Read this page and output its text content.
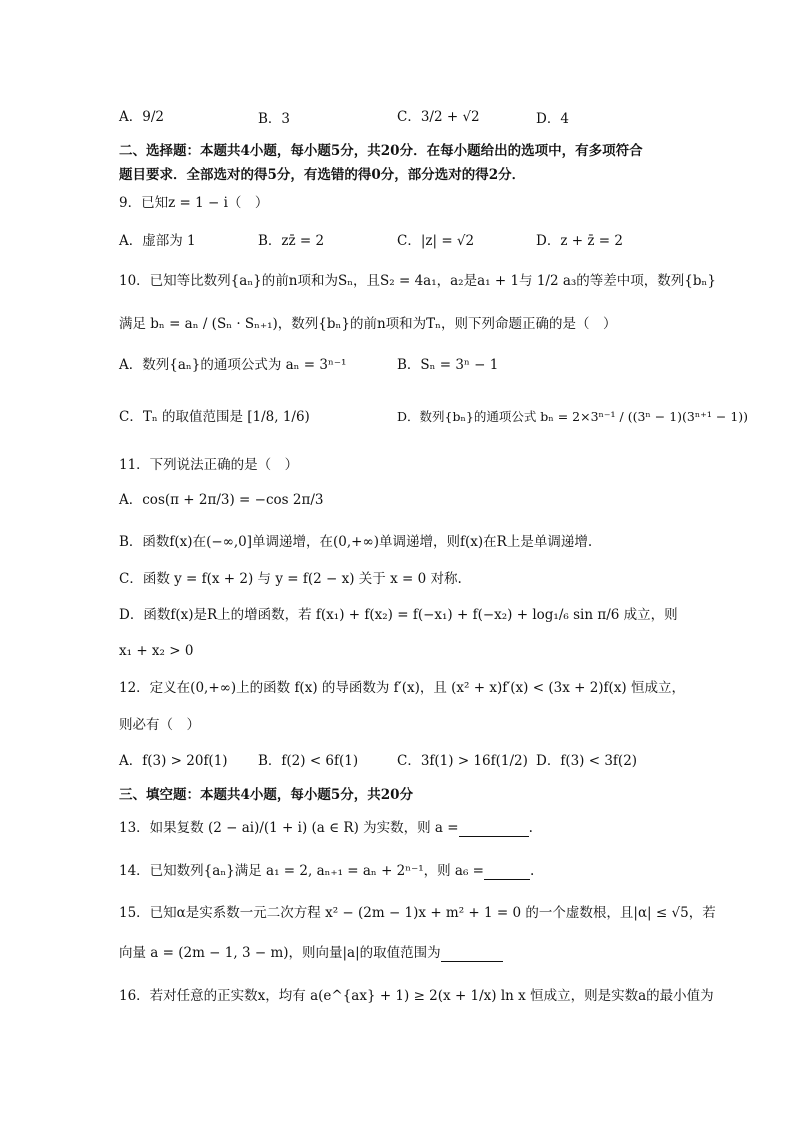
A．9/2	B．3	C．3/2 + √2	D．4
二、选择题：本题共4小题，每小题5分，共20分．在每小题给出的选项中，有多项符合
题目要求．全部选对的得5分，有选错的得0分，部分选对的得2分．
9．已知z = 1 − i（　）
A．虚部为 1	B．zz̄ = 2	C．|z| = √2	D．z + z̄ = 2
10．已知等比数列{aₙ}的前n项和为Sₙ，且S₂ = 4a₁，a₂是a₁ + 1与 1/2 a₃的等差中项，数列{bₙ}
满足 bₙ = aₙ / (Sₙ · Sₙ₊₁)，数列{bₙ}的前n项和为Tₙ，则下列命题正确的是（　）
A．数列{aₙ}的通项公式为 aₙ = 3ⁿ⁻¹	B．Sₙ = 3ⁿ − 1
C．Tₙ 的取值范围是 [1/8, 1/6)	D．数列{bₙ}的通项公式 bₙ = 2×3ⁿ⁻¹ / ((3ⁿ − 1)(3ⁿ⁺¹ − 1))
11．下列说法正确的是（　）
A．cos(π + 2π/3) = −cos 2π/3
B．函数f(x)在(−∞,0]单调递增，在(0,+∞)单调递增，则f(x)在R上是单调递增.
C．函数 y = f(x + 2) 与 y = f(2 − x) 关于 x = 0 对称.
D．函数f(x)是R上的增函数，若 f(x₁) + f(x₂) = f(−x₁) + f(−x₂) + log₁/₆ sin π/6 成立，则
x₁ + x₂ > 0
12．定义在(0,+∞)上的函数 f(x) 的导函数为 f′(x)，且 (x² + x)f′(x) < (3x + 2)f(x) 恒成立，
则必有（　）
A．f(3) > 20f(1) B．f(2) < 6f(1)	C．3f(1) > 16f(1/2) D．f(3) < 3f(2)
三、填空题：本题共4小题，每小题5分，共20分
13．如果复数 (2 − ai)/(1 + i) (a ∈ R) 为实数，则 a =	.
14．已知数列{aₙ}满足 a₁ = 2, aₙ₊₁ = aₙ + 2ⁿ⁻¹，则 a₆ =	.
15．已知α是实系数一元二次方程 x² − (2m − 1)x + m² + 1 = 0 的一个虚数根，且|α| ≤ √5，若
向量 a = (2m − 1, 3 − m)，则向量|a|的取值范围为
16．若对任意的正实数x，均有 a(e^{ax} + 1) ≥ 2(x + 1/x) ln x 恒成立，则是实数a的最小值为
